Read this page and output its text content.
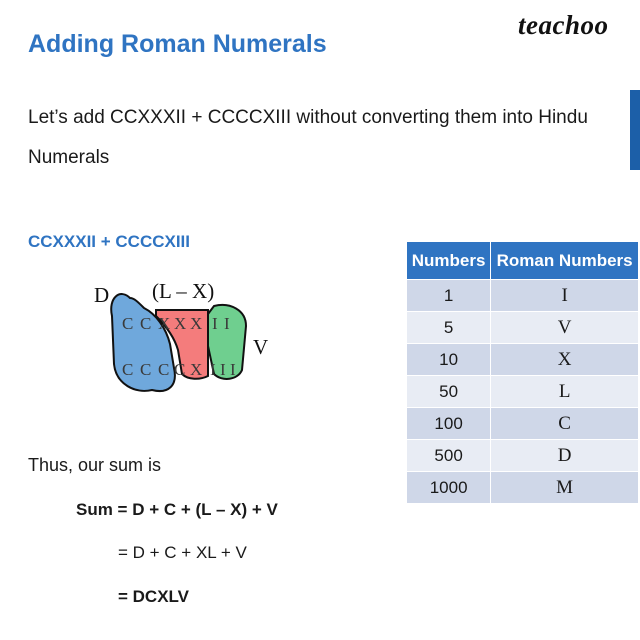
teachoo
Adding Roman Numerals
Let’s add CCXXXII + CCCCXIII without converting them into Hindu Numerals
CCXXXII + CCCCXIII
D (L – X)
V
C C X X X I I
C C C C X I I I
Thus, our sum is
Sum = D + C + (L – X) + V
= D + C + XL + V
= DCXLV
Numbers	Roman Numbers
1	I
5	V
10	X
50	L
100	C
500	D
1000	M
